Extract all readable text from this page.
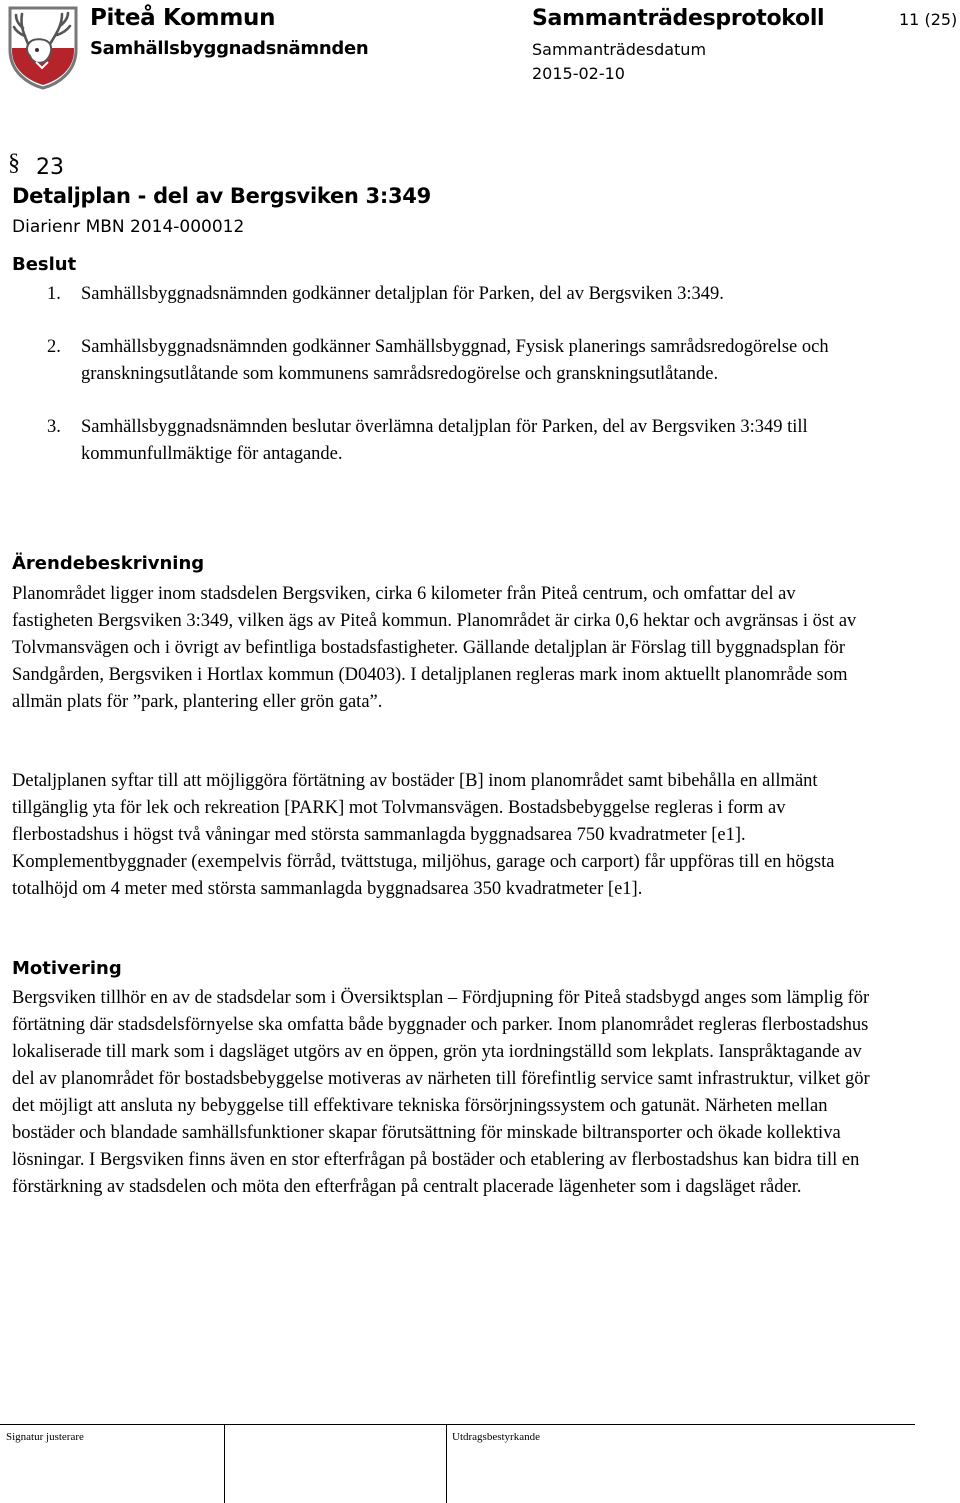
Piteå Kommun
Samhällsbyggnadsnämnden
Sammanträdesprotokoll
Sammanträdesdatum
2015-02-10
11 (25)
§ 23
Detaljplan - del av Bergsviken 3:349
Diarienr MBN 2014-000012
Beslut
1. Samhällsbyggnadsnämnden godkänner detaljplan för Parken, del av Bergsviken 3:349.
2. Samhällsbyggnadsnämnden godkänner Samhällsbyggnad, Fysisk planerings samrådsredogörelse och granskningsutlåtande som kommunens samrådsredogörelse och granskningsutlåtande.
3. Samhällsbyggnadsnämnden beslutar överlämna detaljplan för Parken, del av Bergsviken 3:349 till kommunfullmäktige för antagande.
Ärendebeskrivning

Planområdet ligger inom stadsdelen Bergsviken, cirka 6 kilometer från Piteå centrum, och omfattar del av fastigheten Bergsviken 3:349, vilken ägs av Piteå kommun. Planområdet är cirka 0,6 hektar och avgränsas i öst av Tolvmansvägen och i övrigt av befintliga bostadsfastigheter. Gällande detaljplan är Förslag till byggnadsplan för Sandgården, Bergsviken i Hortlax kommun (D0403). I detaljplanen regleras mark inom aktuellt planområde som allmän plats för ”park, plantering eller grön gata”.

Detaljplanen syftar till att möjliggöra förtätning av bostäder [B] inom planområdet samt bibehålla en allmänt tillgänglig yta för lek och rekreation [PARK] mot Tolvmansvägen. Bostadsbebyggelse regleras i form av flerbostadshus i högst två våningar med största sammanlagda byggnadsarea 750 kvadratmeter [e1]. Komplementbyggnader (exempelvis förråd, tvättstuga, miljöhus, garage och carport) får uppföras till en högsta totalhöjd om 4 meter med största sammanlagda byggnadsarea 350 kvadratmeter [e1].

Motivering

Bergsviken tillhör en av de stadsdelar som i Översiktsplan – Fördjupning för Piteå stadsbygd anges som lämplig för förtätning där stadsdelsförnyelse ska omfatta både byggnader och parker. Inom planområdet regleras flerbostadshus lokaliserade till mark som i dagsläget utgörs av en öppen, grön yta iordningställd som lekplats. Ianspråktagande av del av planområdet för bostadsbebyggelse motiveras av närheten till förefintlig service samt infrastruktur, vilket gör det möjligt att ansluta ny bebyggelse till effektivare tekniska försörjningssystem och gatunät. Närheten mellan bostäder och blandade samhällsfunktioner skapar förutsättning för minskade biltransporter och ökade kollektiva lösningar. I Bergsviken finns även en stor efterfrågan på bostäder och etablering av flerbostadshus kan bidra till en förstärkning av stadsdelen och möta den efterfrågan på centralt placerade lägenheter som i dagsläget råder.

Signatur justerare	Utdragsbestyrkande
